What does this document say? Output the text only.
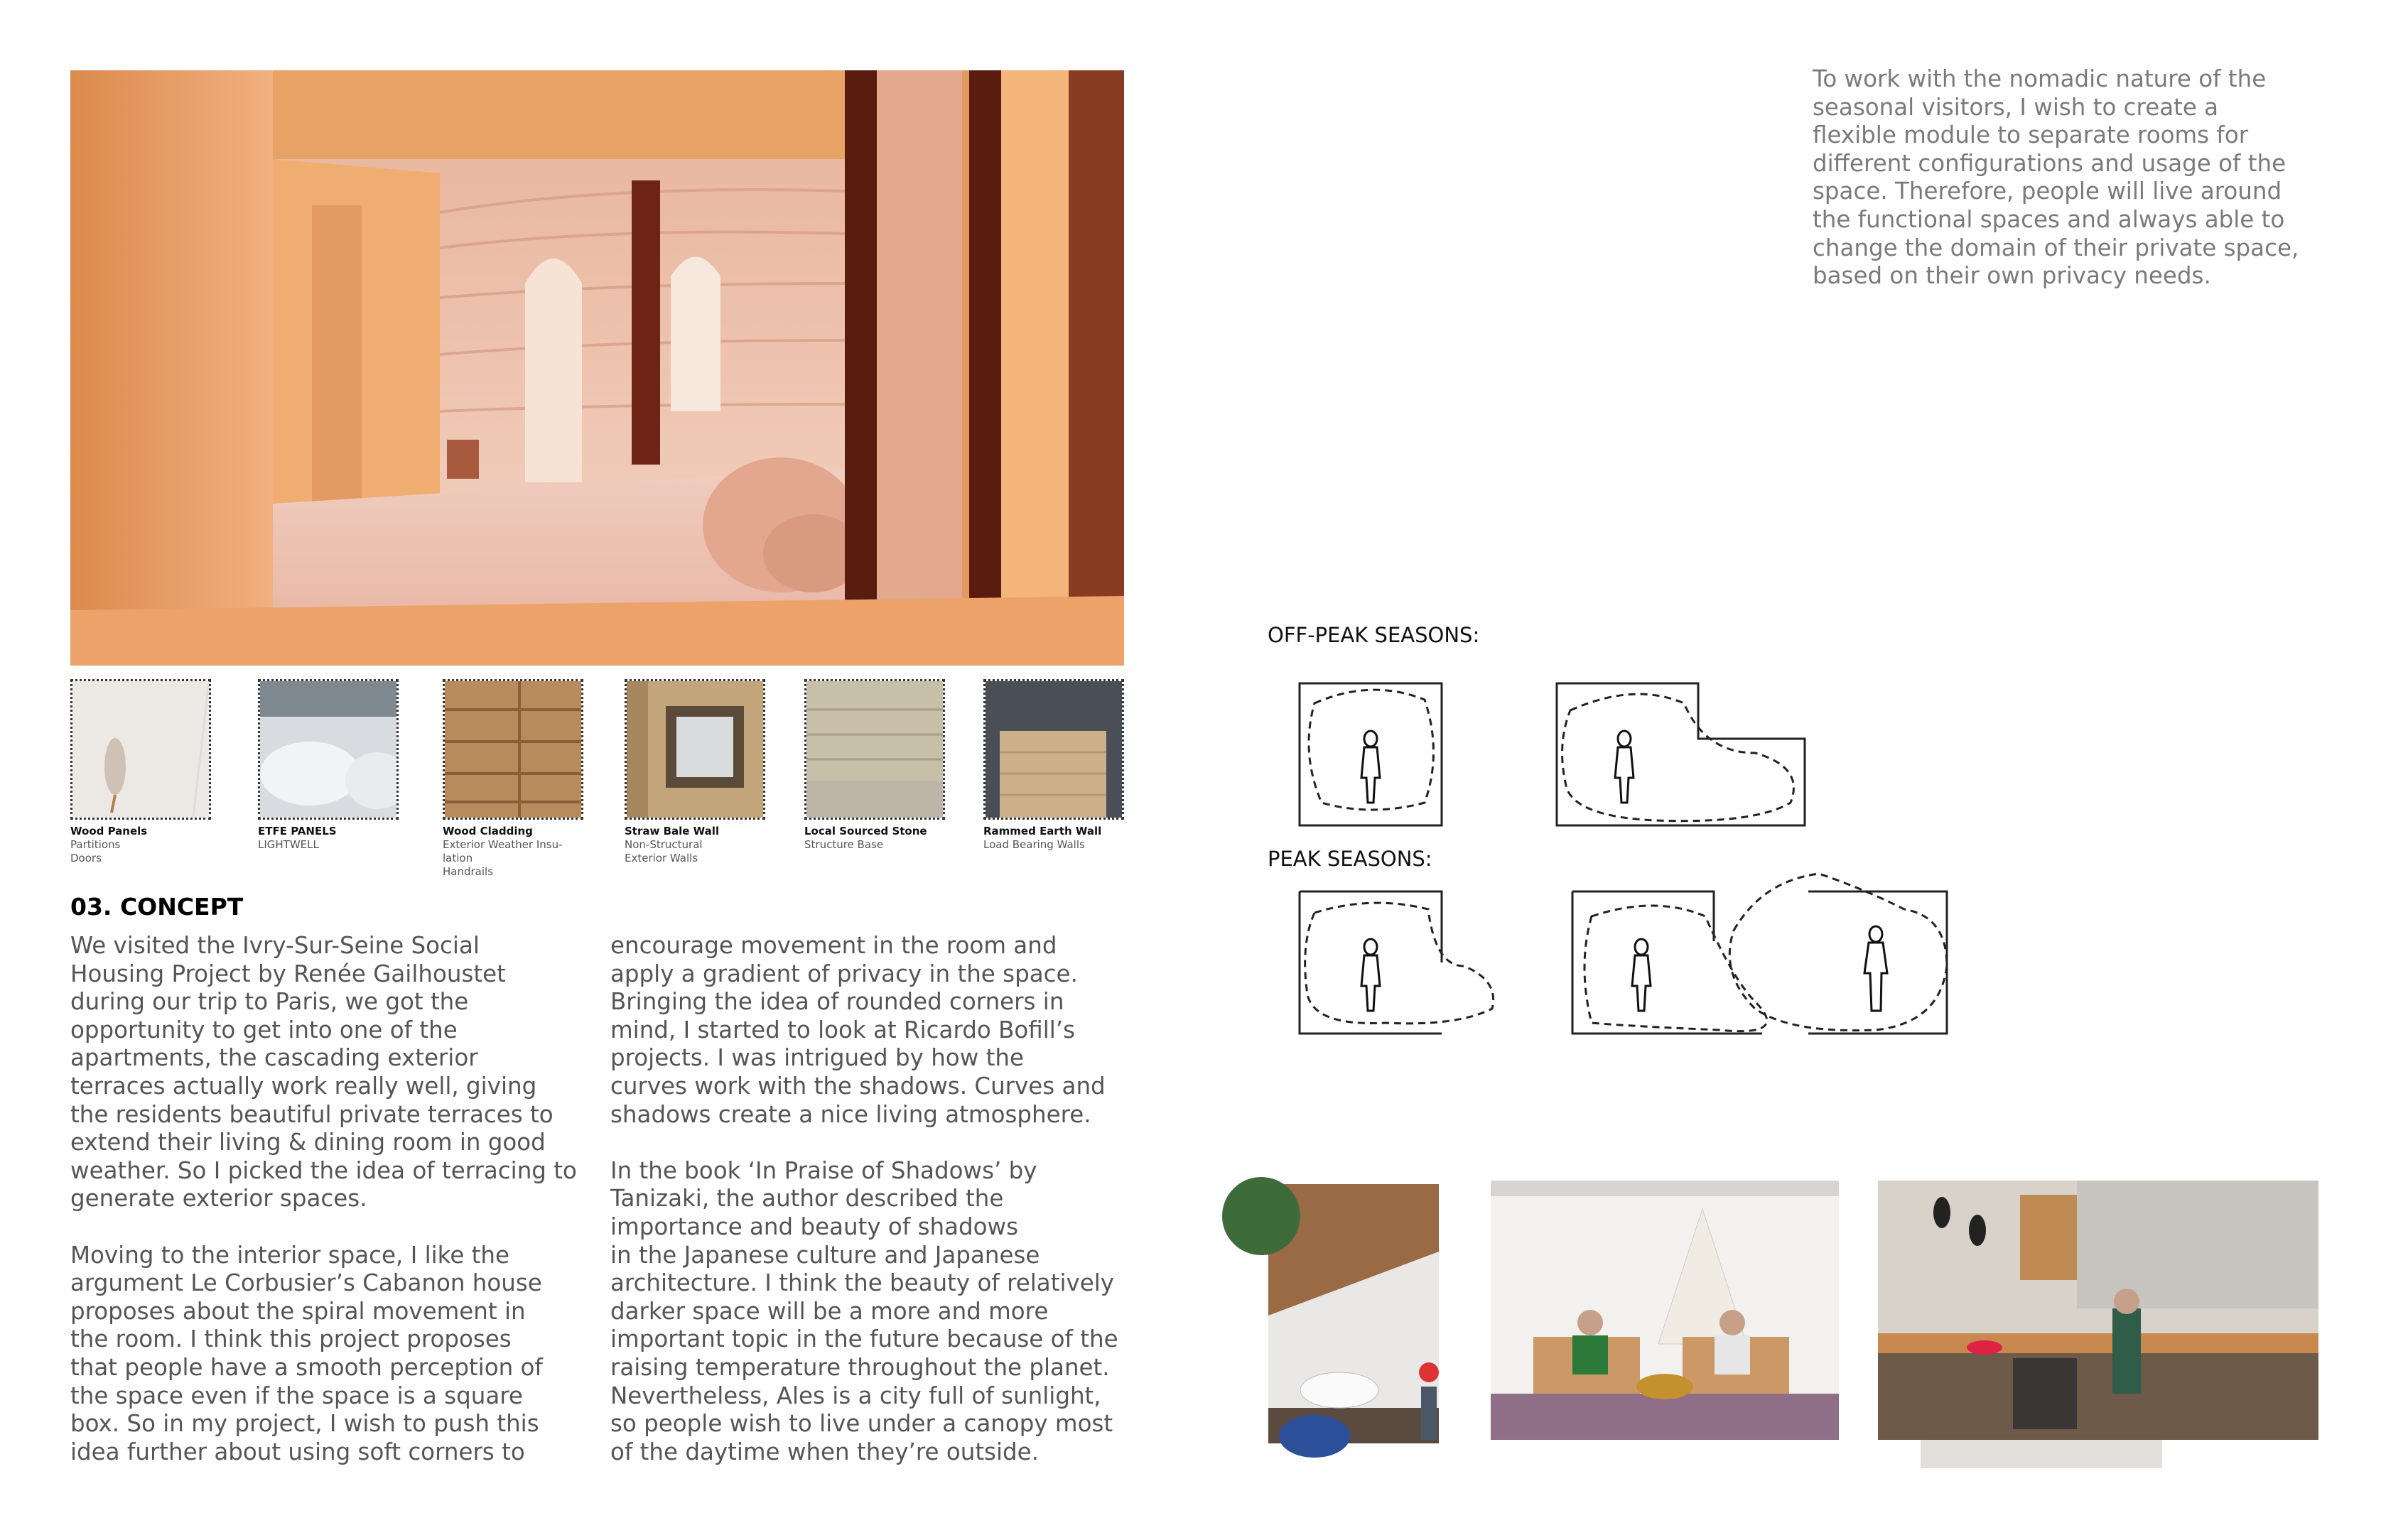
Wood Panels
Partitions
Doors
ETFE PANELS
LIGHTWELL
Wood Cladding
Exterior Weather Insu-
lation
Handrails
Straw Bale Wall
Non-Structural
Exterior Walls
Local Sourced Stone
Structure Base
Rammed Earth Wall
Load Bearing Walls
03. CONCEPT
We visited the Ivry-Sur-Seine Social
Housing Project by Renée Gailhoustet
during our trip to Paris, we got the
opportunity to get into one of the
apartments, the cascading exterior
terraces actually work really well, giving
the residents beautiful private terraces to
extend their living & dining room in good
weather. So I picked the idea of terracing to
generate exterior spaces.

Moving to the interior space, I like the
argument Le Corbusier’s Cabanon house
proposes about the spiral movement in
the room. I think this project proposes
that people have a smooth perception of
the space even if the space is a square
box. So in my project, I wish to push this
idea further about using soft corners to
encourage movement in the room and
apply a gradient of privacy in the space.
Bringing the idea of rounded corners in
mind, I started to look at Ricardo Bofill’s
projects. I was intrigued by how the
curves work with the shadows. Curves and
shadows create a nice living atmosphere.

In the book ‘In Praise of Shadows’ by
Tanizaki, the author described the
importance and beauty of shadows
in the Japanese culture and Japanese
architecture. I think the beauty of relatively
darker space will be a more and more
important topic in the future because of the
raising temperature throughout the planet.
Nevertheless, Ales is a city full of sunlight,
so people wish to live under a canopy most
of the daytime when they’re outside.
To work with the nomadic nature of the
seasonal visitors, I wish to create a
flexible module to separate rooms for
different configurations and usage of the
space. Therefore, people will live around
the functional spaces and always able to
change the domain of their private space,
based on their own privacy needs.
OFF-PEAK SEASONS:
PEAK SEASONS:
